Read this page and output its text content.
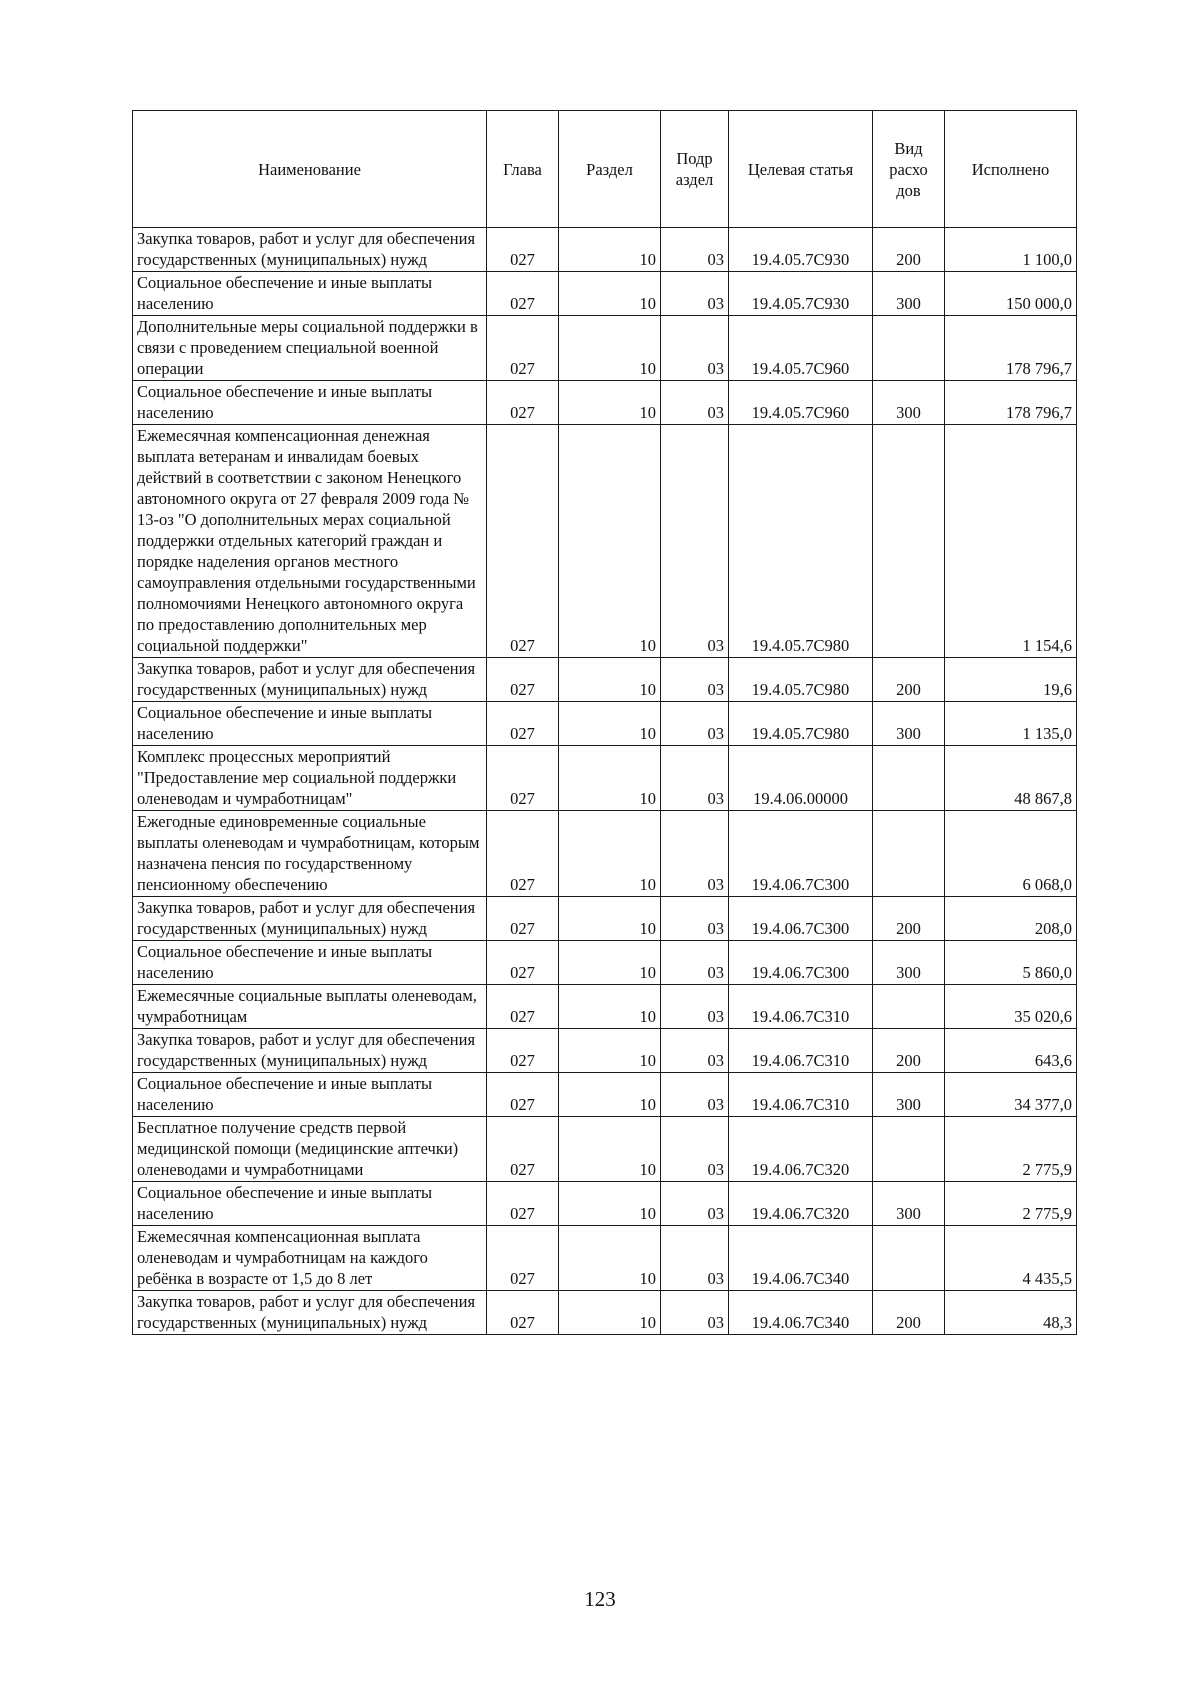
Наименование	Глава	Раздел	Подр аздел	Целевая статья	Вид расхо дов	Исполнено
Закупка товаров, работ и услуг для обеспечения государственных (муниципальных) нужд	027	10	03	19.4.05.7С930	200	1 100,0
Социальное обеспечение и иные выплаты населению	027	10	03	19.4.05.7С930	300	150 000,0
Дополнительные меры социальной поддержки в связи с проведением специальной военной операции	027	10	03	19.4.05.7С960		178 796,7
Социальное обеспечение и иные выплаты населению	027	10	03	19.4.05.7С960	300	178 796,7
Ежемесячная компенсационная денежная выплата ветеранам и инвалидам боевых действий в соответствии с законом Ненецкого автономного округа от 27 февраля 2009 года № 13-оз "О дополнительных мерах социальной поддержки отдельных категорий граждан и порядке наделения органов местного самоуправления отдельными государственными полномочиями Ненецкого автономного округа по предоставлению дополнительных мер социальной поддержки"	027	10	03	19.4.05.7С980		1 154,6
Закупка товаров, работ и услуг для обеспечения государственных (муниципальных) нужд	027	10	03	19.4.05.7С980	200	19,6
Социальное обеспечение и иные выплаты населению	027	10	03	19.4.05.7С980	300	1 135,0
Комплекс процессных мероприятий "Предоставление мер социальной поддержки оленеводам и чумработницам"	027	10	03	19.4.06.00000		48 867,8
Ежегодные единовременные социальные выплаты оленеводам и чумработницам, которым назначена пенсия по государственному пенсионному обеспечению	027	10	03	19.4.06.7С300		6 068,0
Закупка товаров, работ и услуг для обеспечения государственных (муниципальных) нужд	027	10	03	19.4.06.7С300	200	208,0
Социальное обеспечение и иные выплаты населению	027	10	03	19.4.06.7С300	300	5 860,0
Ежемесячные социальные выплаты оленеводам, чумработницам	027	10	03	19.4.06.7С310		35 020,6
Закупка товаров, работ и услуг для обеспечения государственных (муниципальных) нужд	027	10	03	19.4.06.7С310	200	643,6
Социальное обеспечение и иные выплаты населению	027	10	03	19.4.06.7С310	300	34 377,0
Бесплатное получение средств первой медицинской помощи (медицинские аптечки) оленеводами и чумработницами	027	10	03	19.4.06.7С320		2 775,9
Социальное обеспечение и иные выплаты населению	027	10	03	19.4.06.7С320	300	2 775,9
Ежемесячная компенсационная выплата оленеводам и чумработницам на каждого ребёнка в возрасте от 1,5 до 8 лет	027	10	03	19.4.06.7С340		4 435,5
Закупка товаров, работ и услуг для обеспечения государственных (муниципальных) нужд	027	10	03	19.4.06.7С340	200	48,3
123
